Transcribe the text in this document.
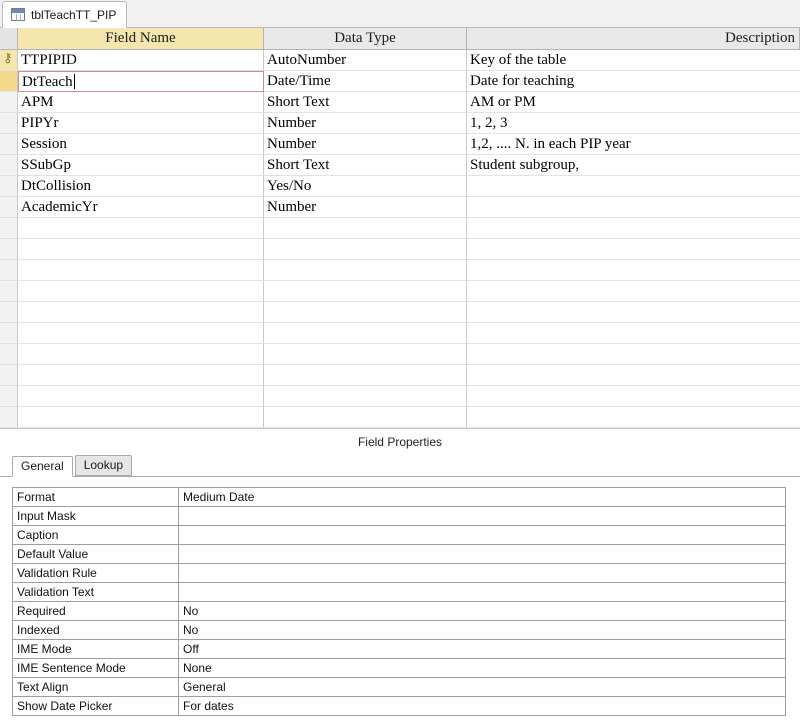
tblTeachTT_PIP
Field Name	Data Type	Description
⚷ TTPIPID	AutoNumber	Key of the table
DtTeach	Date/Time	Date for teaching
APM	Short Text	AM or PM
PIPYr	Number	1, 2, 3
Session	Number	1,2, .... N. in each PIP year
SSubGp	Short Text	Student subgroup,
DtCollision	Yes/No
AcademicYr	Number
Field Properties
General	Lookup
Format	Medium Date
Input Mask
Caption
Default Value
Validation Rule
Validation Text
Required	No
Indexed	No
IME Mode	Off
IME Sentence Mode	None
Text Align	General
Show Date Picker	For dates
